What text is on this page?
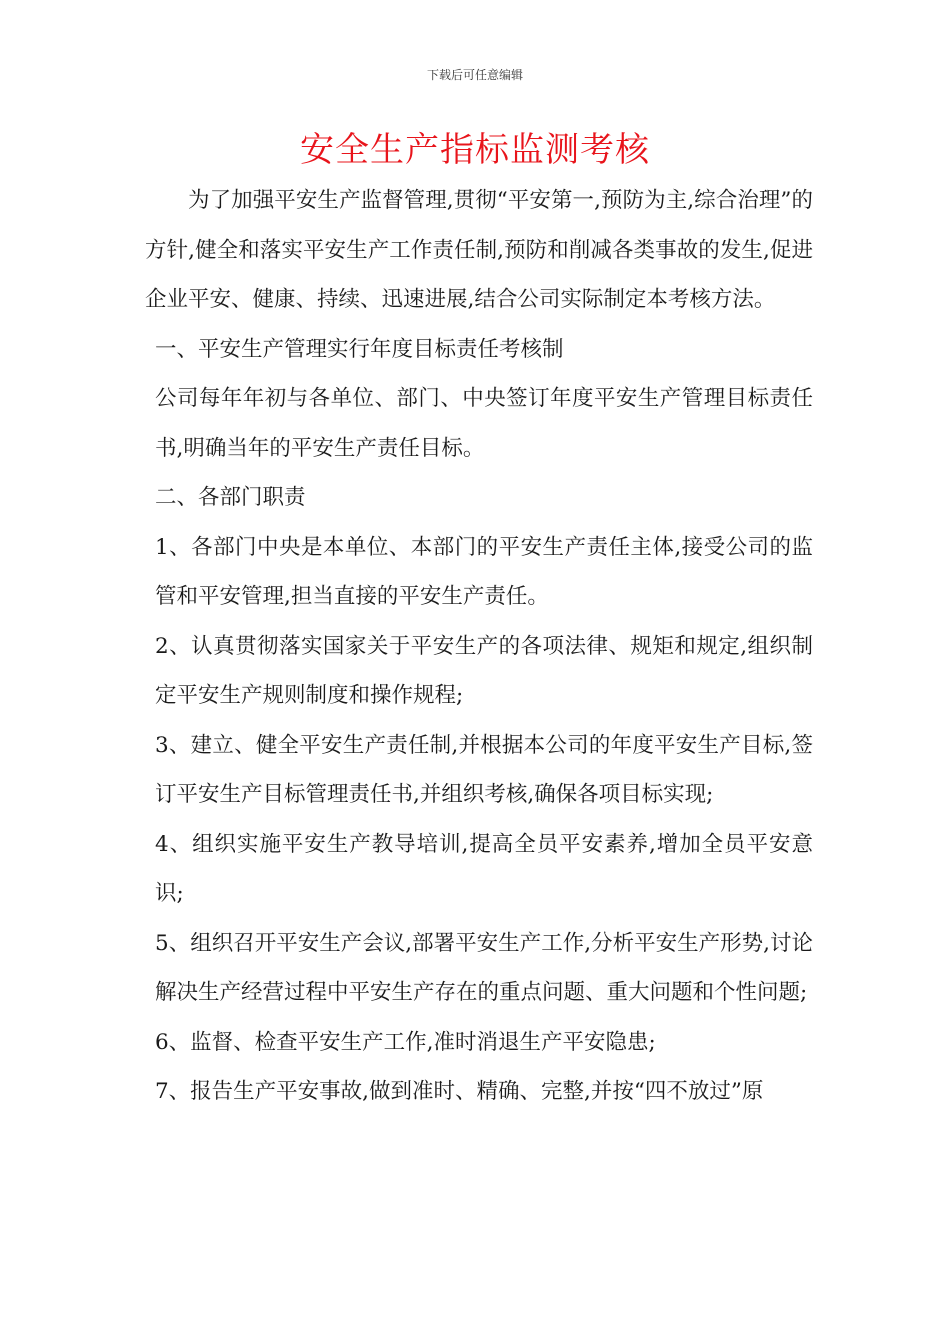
下载后可任意编辑
安全生产指标监测考核

为了加强平安生产监督管理,贯彻“平安第一,预防为主,综合治理”的方针,健全和落实平安生产工作责任制,预防和削减各类事故的发生,促进企业平安、健康、持续、迅速进展,结合公司实际制定本考核方法。

一、平安生产管理实行年度目标责任考核制

公司每年年初与各单位、部门、中央签订年度平安生产管理目标责任书,明确当年的平安生产责任目标。

二、各部门职责

1、各部门中央是本单位、本部门的平安生产责任主体,接受公司的监管和平安管理,担当直接的平安生产责任。

2、认真贯彻落实国家关于平安生产的各项法律、规矩和规定,组织制定平安生产规则制度和操作规程;

3、建立、健全平安生产责任制,并根据本公司的年度平安生产目标,签订平安生产目标管理责任书,并组织考核,确保各项目标实现;

4、组织实施平安生产教导培训,提高全员平安素养,增加全员平安意识;

5、组织召开平安生产会议,部署平安生产工作,分析平安生产形势,讨论解决生产经营过程中平安生产存在的重点问题、重大问题和个性问题;

6、监督、检查平安生产工作,准时消退生产平安隐患;

7、报告生产平安事故,做到准时、精确、完整,并按“四不放过”原
